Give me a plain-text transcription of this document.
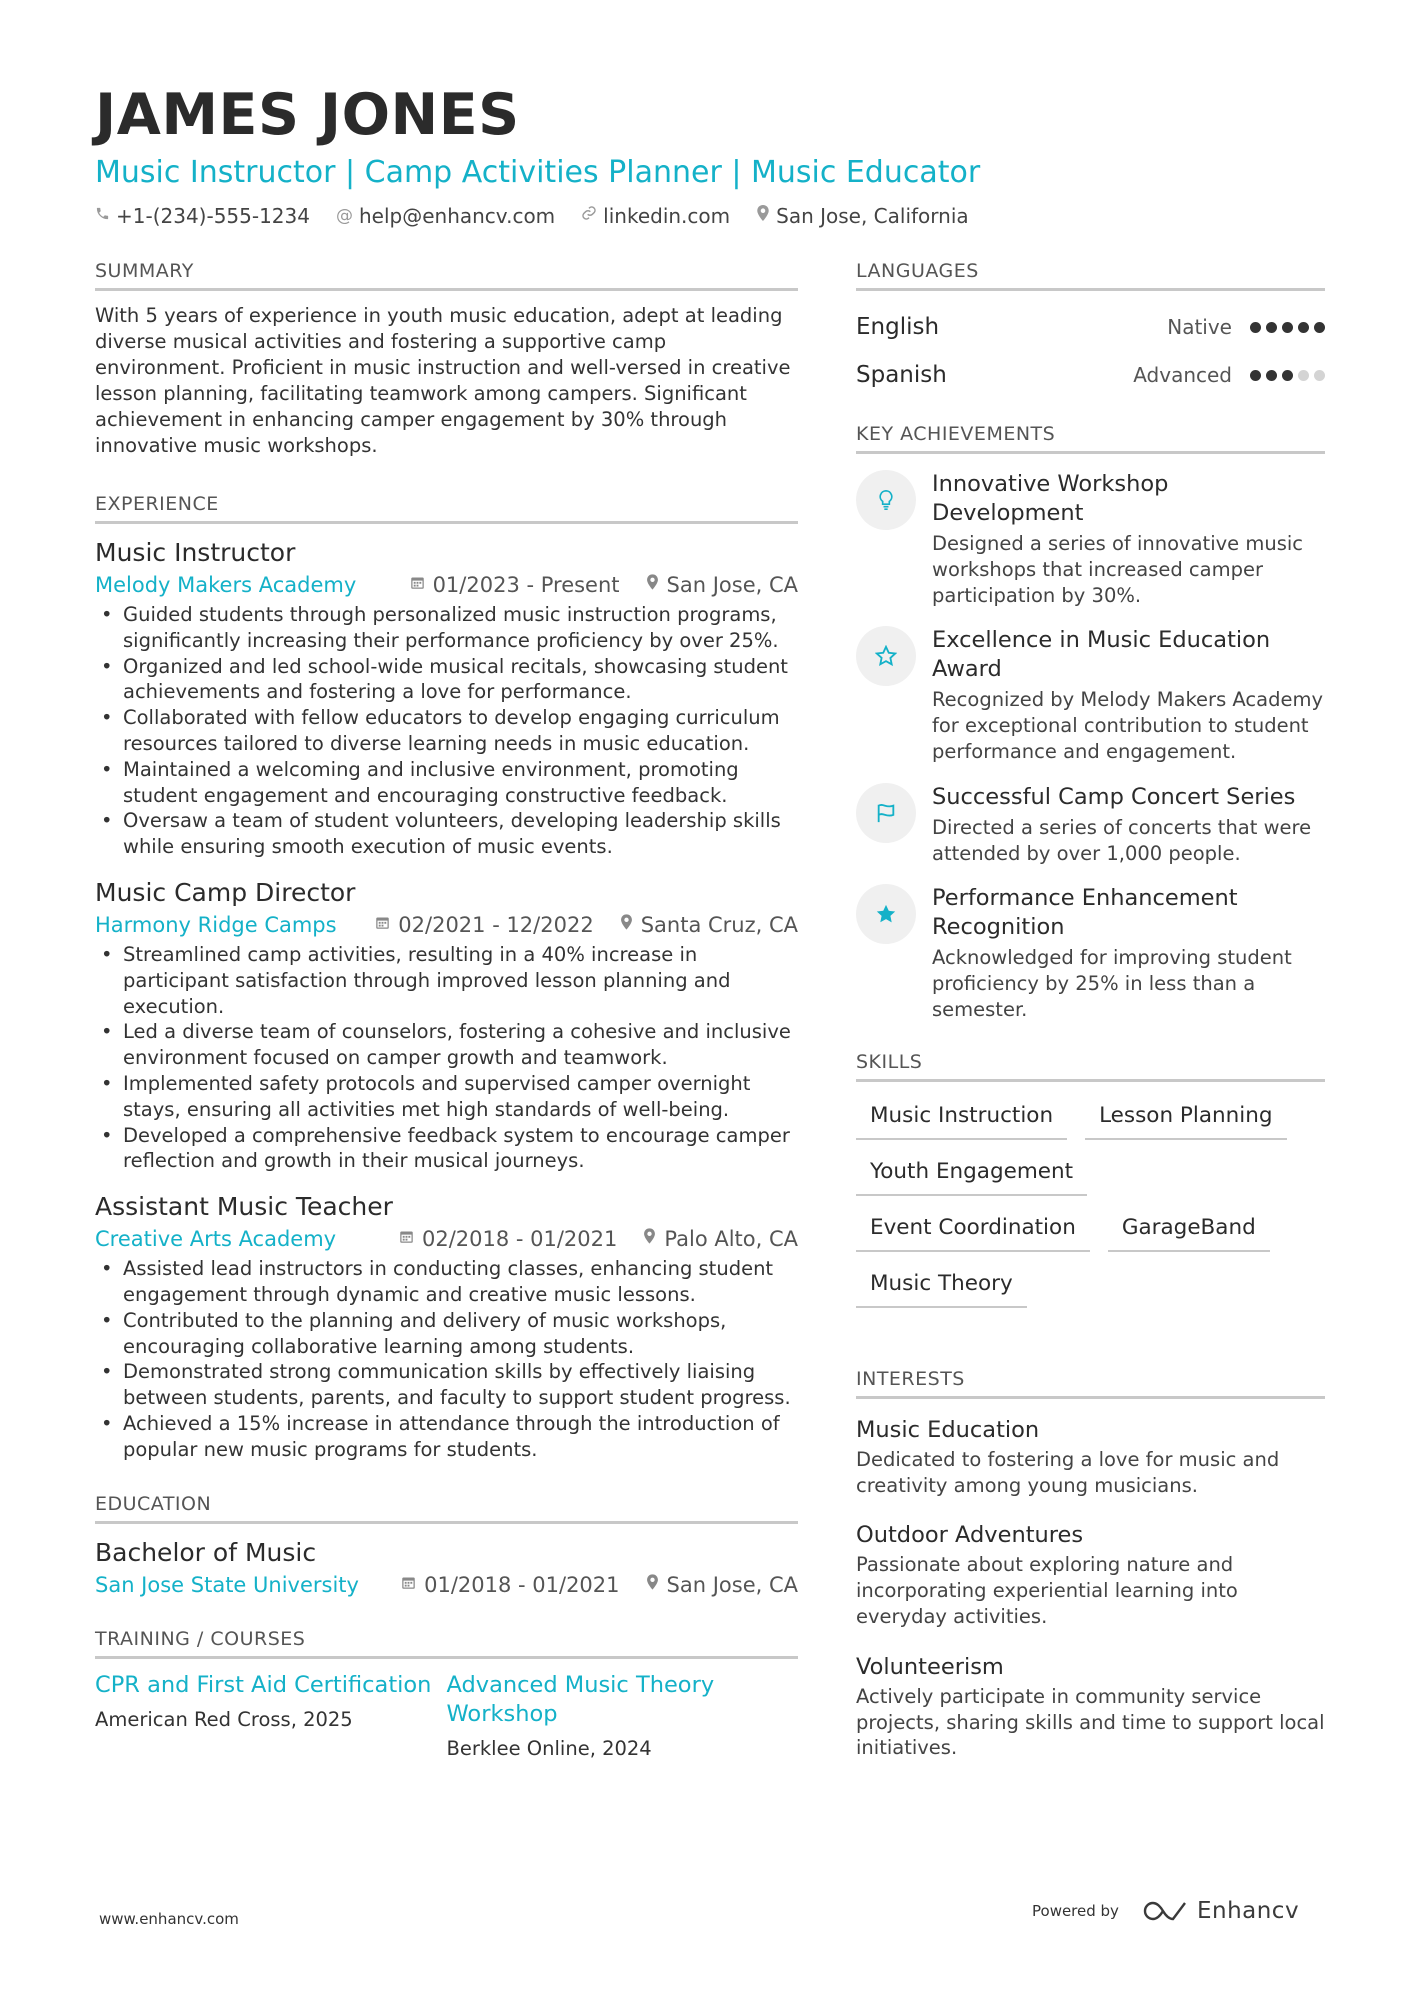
JAMES JONES
Music Instructor | Camp Activities Planner | Music Educator
+1-(234)-555-1234 @ help@enhancv.com linkedin.com San Jose, California
SUMMARY

With 5 years of experience in youth music education, adept at leading diverse musical activities and fostering a supportive camp environment. Proficient in music instruction and well-versed in creative lesson planning, facilitating teamwork among campers. Significant achievement in enhancing camper engagement by 30% through innovative music workshops.

EXPERIENCE
Music Instructor
Melody Makers Academy	01/2023 - Present San Jose, CA
• Guided students through personalized music instruction programs, significantly increasing their performance proficiency by over 25%.
• Organized and led school-wide musical recitals, showcasing student achievements and fostering a love for performance.
• Collaborated with fellow educators to develop engaging curriculum resources tailored to diverse learning needs in music education.
• Maintained a welcoming and inclusive environment, promoting student engagement and encouraging constructive feedback.
• Oversaw a team of student volunteers, developing leadership skills while ensuring smooth execution of music events.
Music Camp Director
Harmony Ridge Camps	02/2021 - 12/2022 Santa Cruz, CA
• Streamlined camp activities, resulting in a 40% increase in participant satisfaction through improved lesson planning and execution.
• Led a diverse team of counselors, fostering a cohesive and inclusive environment focused on camper growth and teamwork.
• Implemented safety protocols and supervised camper overnight stays, ensuring all activities met high standards of well-being.
• Developed a comprehensive feedback system to encourage camper reflection and growth in their musical journeys.
Assistant Music Teacher
Creative Arts Academy	02/2018 - 01/2021 Palo Alto, CA
• Assisted lead instructors in conducting classes, enhancing student engagement through dynamic and creative music lessons.
• Contributed to the planning and delivery of music workshops, encouraging collaborative learning among students.
• Demonstrated strong communication skills by effectively liaising between students, parents, and faculty to support student progress.
• Achieved a 15% increase in attendance through the introduction of popular new music programs for students.
EDUCATION
Bachelor of Music
San Jose State University	01/2018 - 01/2021 San Jose, CA
TRAINING / COURSES
CPR and First Aid Certification
American Red Cross, 2025
Advanced Music Theory Workshop
Berklee Online, 2024
LANGUAGES
English	Native
Spanish	Advanced
KEY ACHIEVEMENTS
Innovative Workshop Development
Designed a series of innovative music workshops that increased camper participation by 30%.
Excellence in Music Education Award
Recognized by Melody Makers Academy for exceptional contribution to student performance and engagement.
Successful Camp Concert Series
Directed a series of concerts that were attended by over 1,000 people.
Performance Enhancement Recognition
Acknowledged for improving student proficiency by 25% in less than a semester.
SKILLS
Music Instruction	Lesson Planning
Youth Engagement
Event Coordination	GarageBand
Music Theory
INTERESTS
Music Education
Dedicated to fostering a love for music and creativity among young musicians.
Outdoor Adventures
Passionate about exploring nature and incorporating experiential learning into everyday activities.
Volunteerism
Actively participate in community service projects, sharing skills and time to support local initiatives.
www.enhancv.com	Powered by	Enhancv
